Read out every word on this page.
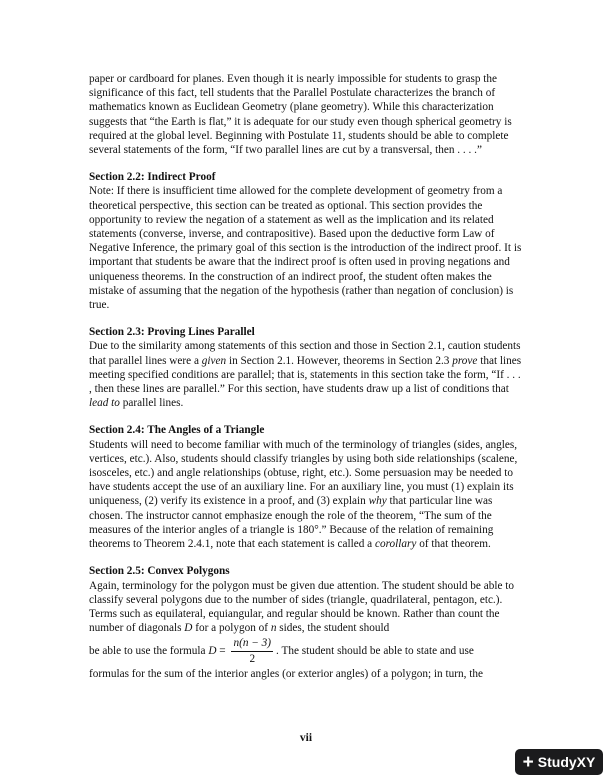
paper or cardboard for planes. Even though it is nearly impossible for students to grasp the significance of this fact, tell students that the Parallel Postulate characterizes the branch of mathematics known as Euclidean Geometry (plane geometry). While this characterization suggests that “the Earth is flat,” it is adequate for our study even though spherical geometry is required at the global level. Beginning with Postulate 11, students should be able to complete several statements of the form, “If two parallel lines are cut by a transversal, then . . . .”

Section 2.2: Indirect Proof

Note: If there is insufficient time allowed for the complete development of geometry from a theoretical perspective, this section can be treated as optional. This section provides the opportunity to review the negation of a statement as well as the implication and its related statements (converse, inverse, and contrapositive). Based upon the deductive form Law of Negative Inference, the primary goal of this section is the introduction of the indirect proof. It is important that students be aware that the indirect proof is often used in proving negations and uniqueness theorems. In the construction of an indirect proof, the student often makes the mistake of assuming that the negation of the hypothesis (rather than negation of conclusion) is true.

Section 2.3: Proving Lines Parallel

Due to the similarity among statements of this section and those in Section 2.1, caution students that parallel lines were a given in Section 2.1. However, theorems in Section 2.3 prove that lines meeting specified conditions are parallel; that is, statements in this section take the form, “If . . . , then these lines are parallel.” For this section, have students draw up a list of conditions that lead to parallel lines.

Section 2.4: The Angles of a Triangle

Students will need to become familiar with much of the terminology of triangles (sides, angles, vertices, etc.). Also, students should classify triangles by using both side relationships (scalene, isosceles, etc.) and angle relationships (obtuse, right, etc.). Some persuasion may be needed to have students accept the use of an auxiliary line. For an auxiliary line, you must (1) explain its uniqueness, (2) verify its existence in a proof, and (3) explain why that particular line was chosen. The instructor cannot emphasize enough the role of the theorem, “The sum of the measures of the interior angles of a triangle is 180°.” Because of the relation of remaining theorems to Theorem 2.4.1, note that each statement is called a corollary of that theorem.

Section 2.5: Convex Polygons

Again, terminology for the polygon must be given due attention. The student should be able to classify several polygons due to the number of sides (triangle, quadrilateral, pentagon, etc.). Terms such as equilateral, equiangular, and regular should be known. Rather than count the number of diagonals D for a polygon of n sides, the student should

be able to use the formula $D = \frac{n(n - 3)}{2}$ . The student should be able to state and use

formulas for the sum of the interior angles (or exterior angles) of a polygon; in turn, the

vii
+ StudyXY
